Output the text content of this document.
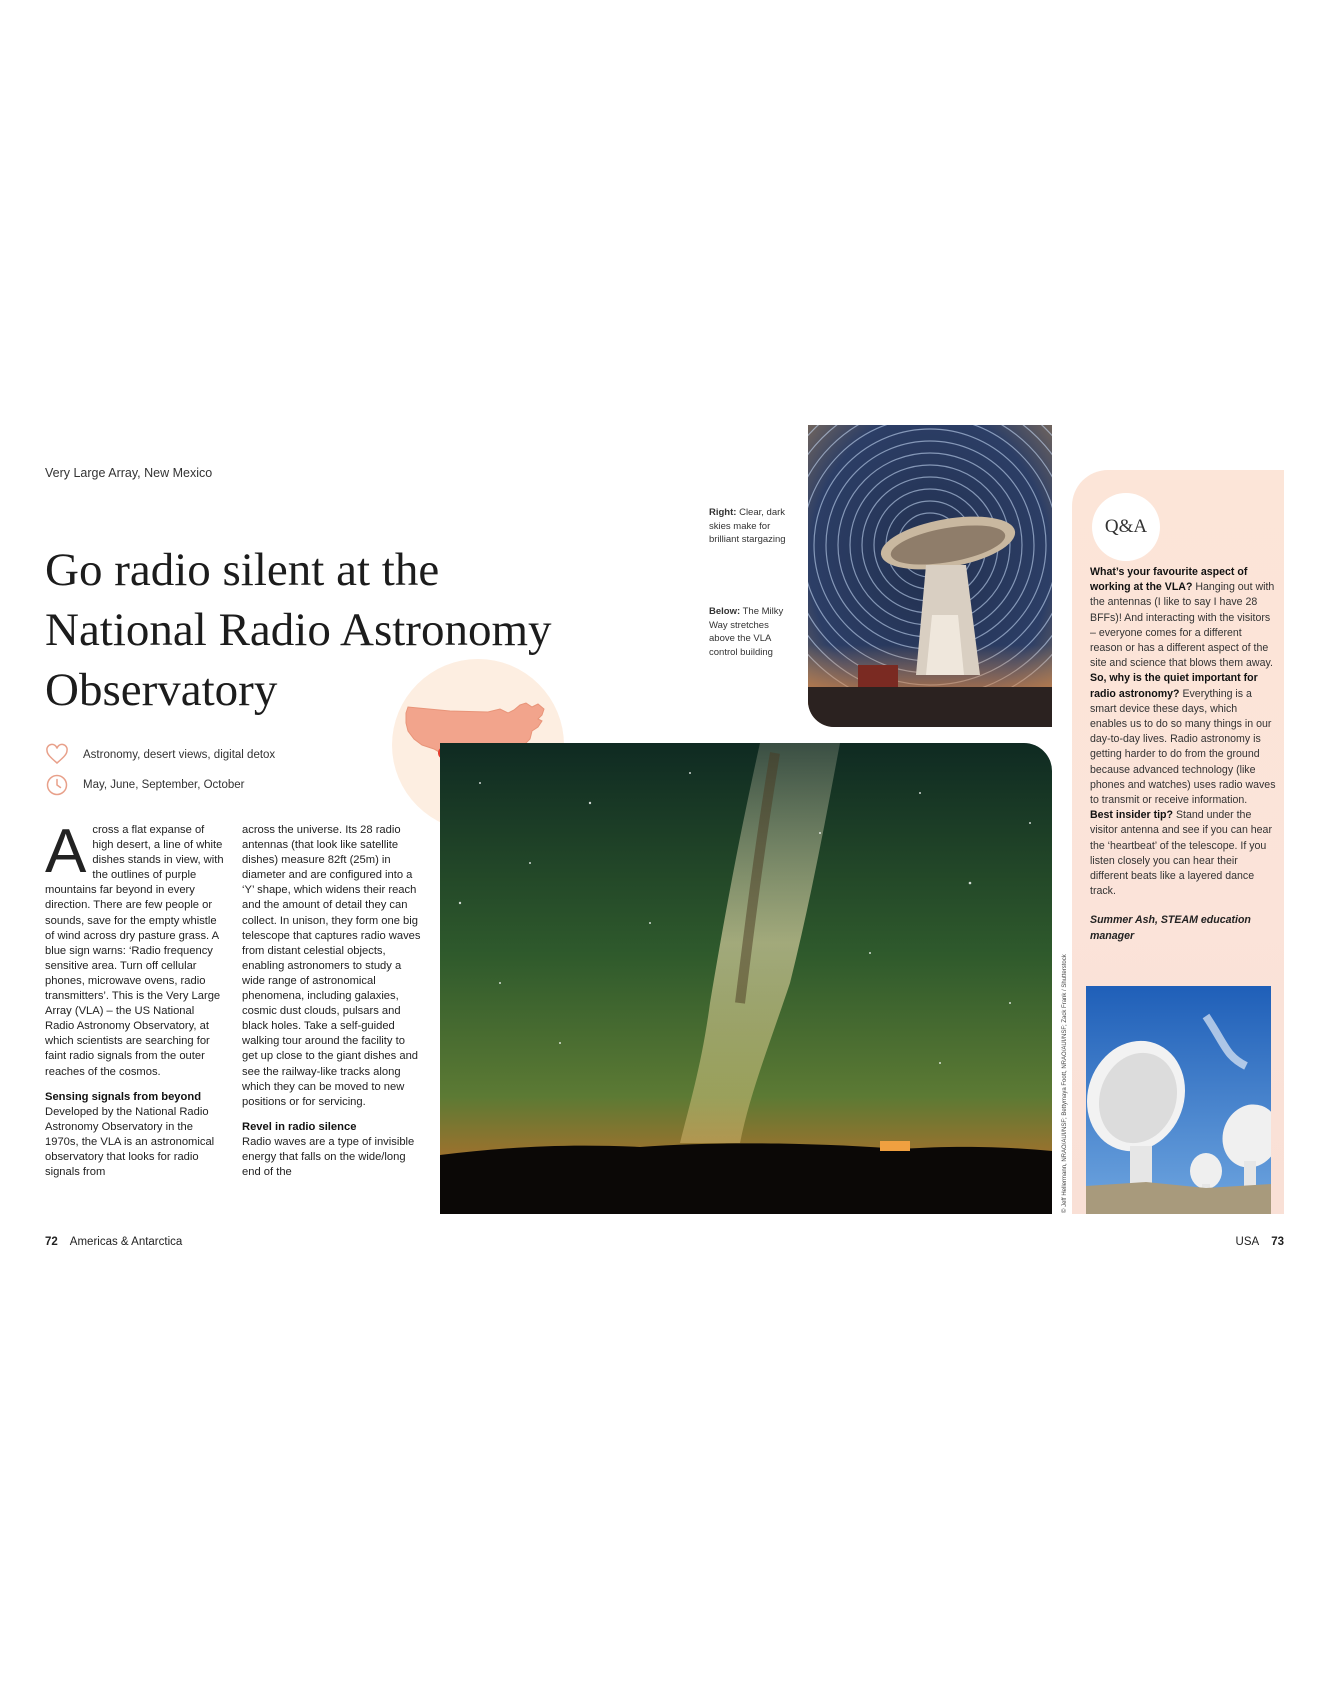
Very Large Array, New Mexico
Go radio silent at the
National Radio Astronomy
Observatory
Astronomy, desert views, digital detox
May, June, September, October

Across a flat expanse of high desert, a line of white dishes stands in view, with the outlines of purple mountains far beyond in every direction. There are few people or sounds, save for the empty whistle of wind across dry pasture grass. A blue sign warns: ‘Radio frequency sensitive area. Turn off cellular phones, microwave ovens, radio transmitters’. This is the Very Large Array (VLA) – the US National Radio Astronomy Observatory, at which scientists are searching for faint radio signals from the outer reaches of the cosmos.

Sensing signals from beyond

Developed by the National Radio Astronomy Observatory in the 1970s, the VLA is an astronomical observatory that looks for radio signals from

across the universe. Its 28 radio antennas (that look like satellite dishes) measure 82ft (25m) in diameter and are configured into a ‘Y’ shape, which widens their reach and the amount of detail they can collect. In unison, they form one big telescope that captures radio waves from distant celestial objects, enabling astronomers to study a wide range of astronomical phenomena, including galaxies, cosmic dust clouds, pulsars and black holes. Take a self-guided walking tour around the facility to get up close to the giant dishes and see the railway-like tracks along which they can be moved to new positions or for servicing.

Revel in radio silence

Radio waves are a type of invisible energy that falls on the wide/long end of the

Right: Clear, dark skies make for brilliant stargazing
Below: The Milky Way stretches above the VLA control building
© Jeff Hellermann, NRAO/AUI/NSF; Bettymaya Foott, NRAO/AUI/NSF; Zack Frank / Shutterstock
Q&A

What’s your favourite aspect of working at the VLA? Hanging out with the antennas (I like to say I have 28 BFFs)! And interacting with the visitors – everyone comes for a different reason or has a different aspect of the site and science that blows them away.

So, why is the quiet important for radio astronomy? Everything is a smart device these days, which enables us to do so many things in our day-to-day lives. Radio astronomy is getting harder to do from the ground because advanced technology (like phones and watches) uses radio waves to transmit or receive information.

Best insider tip? Stand under the visitor antenna and see if you can hear the ‘heartbeat’ of the telescope. If you listen closely you can hear their different beats like a layered dance track.

Summer Ash, STEAM education manager

72 Americas & Antarctica	USA 73
